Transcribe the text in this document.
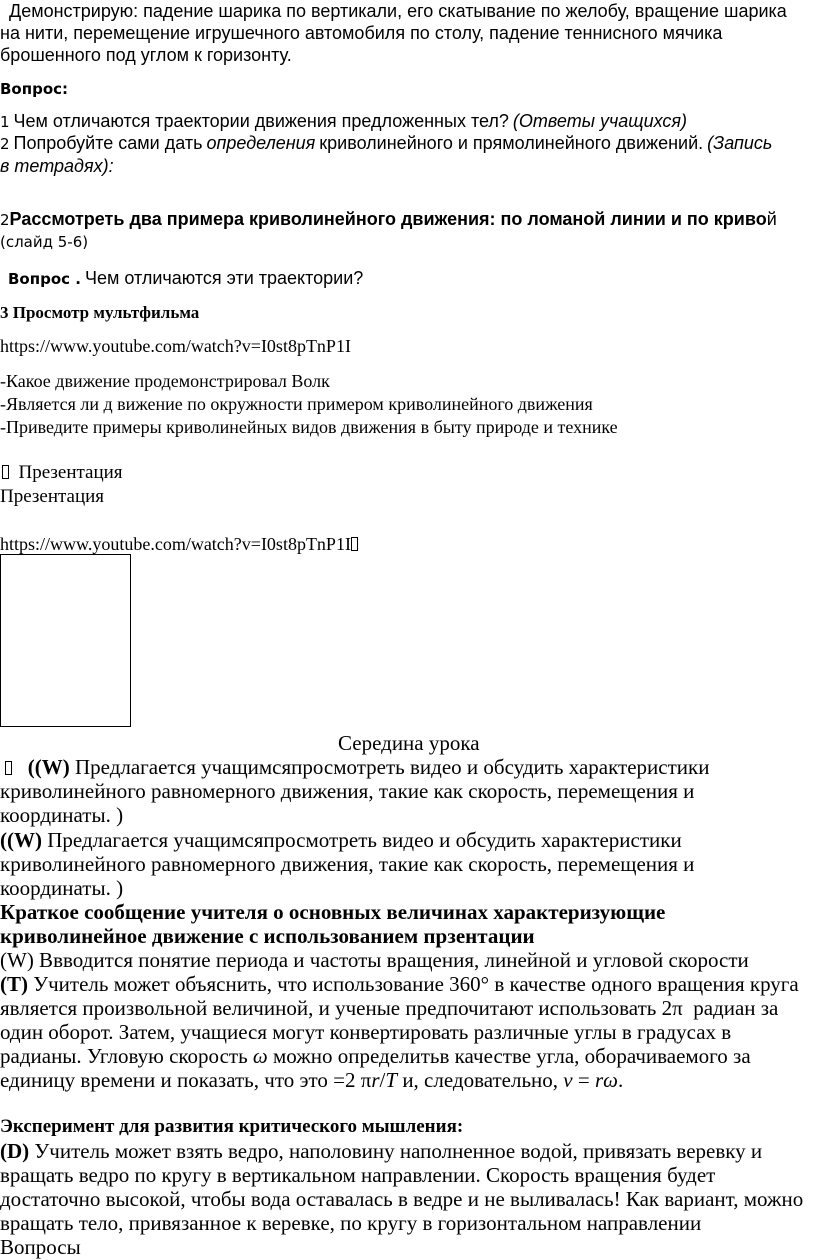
Демонстрирую: падение шарика по вертикали, его скатывание по желобу, вращение шарика
на нити, перемещение игрушечного автомобиля по столу, падение теннисного мячика
брошенного под углом к горизонту.
Вопрос:
1 Чем отличаются траектории движения предложенных тел? (Ответы учащихся)
2 Попробуйте сами дать определения криволинейного и прямолинейного движений. (Запись
в тетрадях):
2Рассмотреть два примера криволинейного движения: по ломаной линии и по кривой
(слайд 5-6)
Вопрос . Чем отличаются эти траектории?
3 Просмотр мультфильма
https://www.youtube.com/watch?v=I0st8pTnP1I
-Какое движение продемонстрировал Волк
-Является ли д вижение по окружности примером криволинейного движения
-Приведите примеры криволинейных видов движения в быту природе и технике
Презентация
Презентация
https://www.youtube.com/watch?v=I0st8pTnP1I
Середина урока
((W) Предлагается учащимсяпросмотреть видео и обсудить характеристики
криволинейного равномерного движения, такие как скорость, перемещения и
координаты. )
((W) Предлагается учащимсяпросмотреть видео и обсудить характеристики
криволинейного равномерного движения, такие как скорость, перемещения и
координаты. )
Краткое сообщение учителя о основных величинах характеризующие
криволинейное движение с использованием прзентации
(W) Ввводится понятие периода и частоты вращения, линейной и угловой скорости
(T) Учитель может объяснить, что использование 360° в качестве одного вращения круга
является произвольной величиной, и ученые предпочитают использовать 2π  радиан за
один оборот. Затем, учащиеся могут конвертировать различные углы в градусах в
радианы. Угловую скорость ω можно определитьв качестве угла, оборачиваемого за
единицу времени и показать, что это =2 πr/T и, следовательно, v = rω.
Эксперимент для развития критического мышления:
(D) Учитель может взять ведро, наполовину наполненное водой, привязать веревку и
вращать ведро по кругу в вертикальном направлении. Скорость вращения будет
достаточно высокой, чтобы вода оставалась в ведре и не выливалась! Как вариант, можно
вращать тело, привязанное к веревке, по кругу в горизонтальном направлении
Вопросы
